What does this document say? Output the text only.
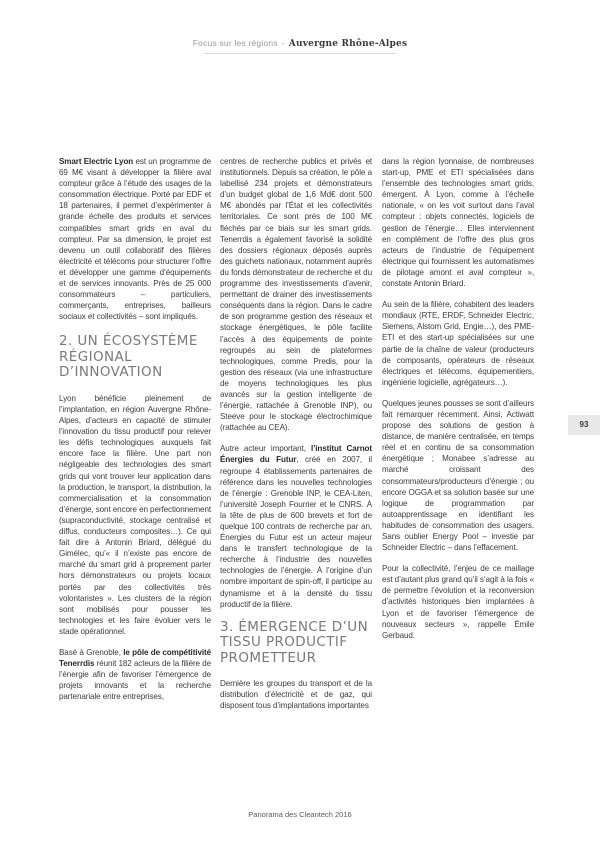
Focus sur les régions - Auvergne Rhône-Alpes

Smart Electric Lyon est un programme de 69 M€ visant à développer la filière aval compteur grâce à l’étude des usages de la consommation électrique. Porté par EDF et 18 partenaires, il permet d’expérimenter à grande échelle des produits et services compatibles smart grids en aval du compteur. Par sa dimension, le projet est devenu un outil collaboratif des filières électricité et télécoms pour structurer l’offre et développer une gamme d’équipements et de services innovants. Près de 25 000 consommateurs – particuliers, commerçants, entreprises, bailleurs sociaux et collectivités – sont impliqués.

2. UN ÉCOSYSTÈME RÉGIONAL D’INNOVATION

Lyon bénéficie pleinement de l’implantation, en région Auvergne Rhône-Alpes, d’acteurs en capacité de stimuler l’innovation du tissu productif pour relever les défis technologiques auxquels fait encore face la filière. Une part non négligeable des technologies des smart grids qui vont trouver leur application dans la production, le transport, la distribution, la commercialisation et la consommation d’énergie, sont encore en perfectionnement (supraconductivité, stockage centralisé et diffus, conducteurs composites…). Ce qui fait dire à Antonin Briard, délégué du Gimélec, qu’« il n’existe pas encore de marché du smart grid à proprement parler hors démonstrateurs ou projets locaux portés par des collectivités très volontaristes ». Les clusters de la région sont mobilisés pour pousser les technologies et les faire évoluer vers le stade opérationnel.

Basé à Grenoble, le pôle de compétitivité Tenerrdis réunit 182 acteurs de la filière de l’énergie afin de favoriser l’émergence de projets innovants et la recherche partenariale entre entreprises,

centres de recherche publics et privés et institutionnels. Depuis sa création, le pôle a labellisé 234 projets et démonstrateurs d’un budget global de 1,6 Md€ dont 500 M€ abondés par l’État et les collectivités territoriales. Ce sont près de 100 M€ fléchés par ce biais sur les smart grids. Tenerrdis a également favorisé la solidité des dossiers régionaux déposés auprès des guichets nationaux, notamment auprès du fonds démonstrateur de recherche et du programme des investissements d’avenir, permettant de drainer des investissements conséquents dans la région. Dans le cadre de son programme gestion des réseaux et stockage énergétiques, le pôle facilite l’accès à des équipements de pointe regroupés au sein de plateformes technologiques, comme Predis, pour la gestion des réseaux (via une infrastructure de moyens technologiques les plus avancés sur la gestion intelligente de l’énergie, rattachée à Grenoble INP), ou Steeve pour le stockage électrochimique (rattachée au CEA).

Autre acteur important, l’institut Carnot Énergies du Futur, créé en 2007, il regroupe 4 établissements partenaires de référence dans les nouvelles technologies de l’énergie : Grenoble INP, le CEA-Liten, l’université Joseph Fourrier et le CNRS. À la tête de plus de 600 brevets et fort de quelque 100 contrats de recherche par an, Énergies du Futur est un acteur majeur dans le transfert technologique de la recherche à l’industrie des nouvelles technologies de l’énergie. À l’origine d’un nombre important de spin-off, il participe au dynamisme et à la densité du tissu productif de la filière.

3. ÉMERGENCE D’UN TISSU PRODUCTIF PROMETTEUR

Dernière les groupes du transport et de la distribution d’électricité et de gaz, qui disposent tous d’implantations importantes

dans la région lyonnaise, de nombreuses start-up, PME et ETI spécialisées dans l’ensemble des technologies smart grids, émergent. À Lyon, comme à l’échelle nationale, « on les voit surtout dans l’aval compteur : objets connectés, logiciels de gestion de l’énergie… Elles interviennent en complément de l’offre des plus gros acteurs de l’industrie de l’équipement électrique qui fournissent les automatismes de pilotage amont et aval compteur », constate Antonin Briard.

Au sein de la filière, cohabitent des leaders mondiaux (RTE, ERDF, Schneider Electric, Siemens, Alstom Grid, Engie…), des PME-ETI et des start-up spécialisées sur une partie de la chaîne de valeur (producteurs de composants, opérateurs de réseaux électriques et télécoms, équipementiers, ingénierie logicielle, agrégateurs…).

Quelques jeunes pousses se sont d’ailleurs fait remarquer récemment. Ainsi, Actiwatt propose des solutions de gestion à distance, de manière centralisée, en temps réel et en continu de sa consommation énergétique ; Monabee s’adresse au marché croissant des consommateurs/producteurs d’énergie ; ou encore OGGA et sa solution basée sur une logique de programmation par autoapprentissage en identifiant les habitudes de consommation des usagers. Sans oublier Energy Pool – investie par Schneider Electric – dans l’effacement.

Pour la collectivité, l’enjeu de ce maillage est d’autant plus grand qu’il s’agit à la fois « de permettre l’évolution et la reconversion d’activités historiques bien implantées à Lyon et de favoriser l’émergence de nouveaux secteurs », rappelle Émile Gerbaud.

93
Panorama des Cleantech 2016
